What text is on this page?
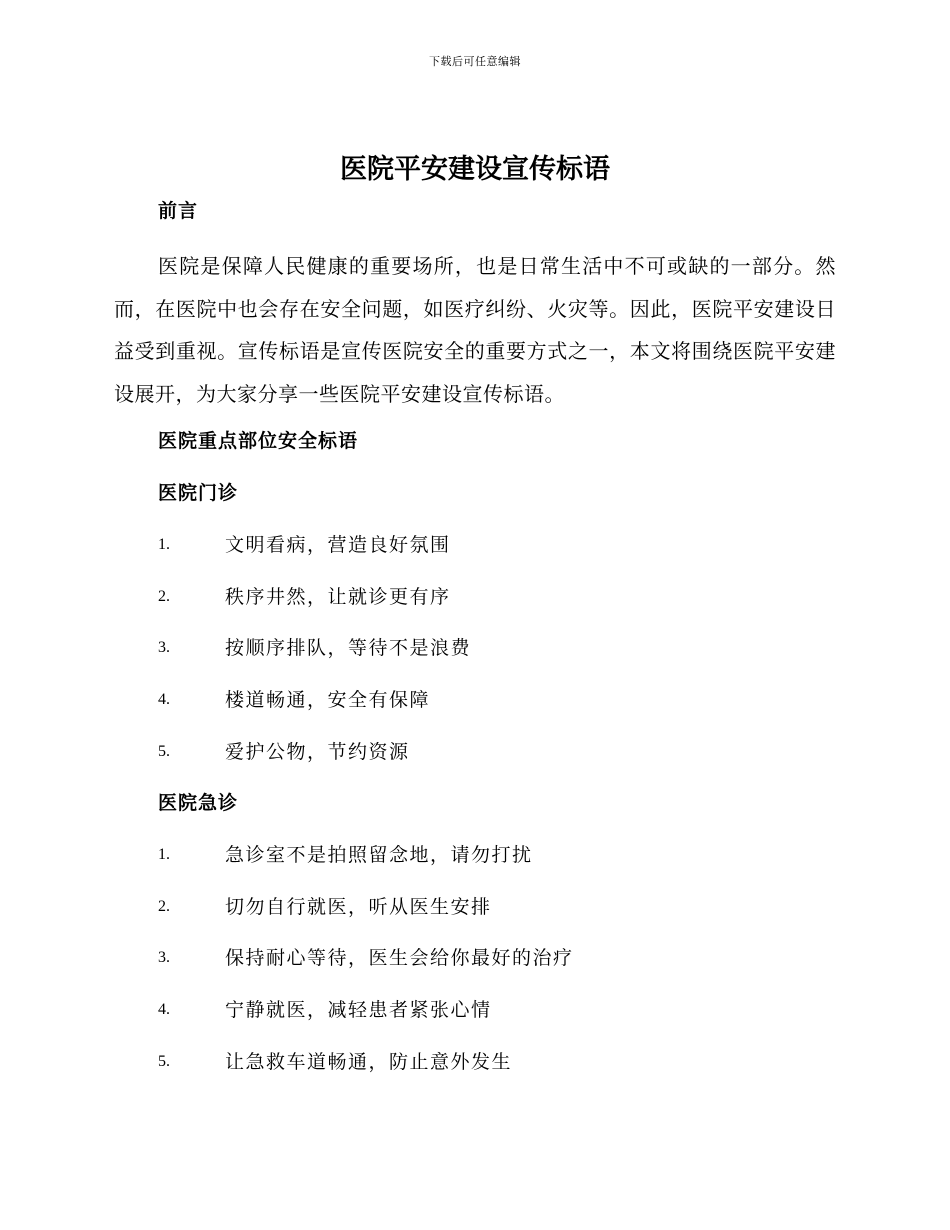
下载后可任意编辑
医院平安建设宣传标语
前言

医院是保障人民健康的重要场所，也是日常生活中不可或缺的一部分。然而，在医院中也会存在安全问题，如医疗纠纷、火灾等。因此，医院平安建设日益受到重视。宣传标语是宣传医院安全的重要方式之一，本文将围绕医院平安建设展开，为大家分享一些医院平安建设宣传标语。

医院重点部位安全标语
医院门诊
1.	文明看病，营造良好氛围
2.	秩序井然，让就诊更有序
3.	按顺序排队，等待不是浪费
4.	楼道畅通，安全有保障
5.	爱护公物，节约资源
医院急诊
1.	急诊室不是拍照留念地，请勿打扰
2.	切勿自行就医，听从医生安排
3.	保持耐心等待，医生会给你最好的治疗
4.	宁静就医，减轻患者紧张心情
5.	让急救车道畅通，防止意外发生
